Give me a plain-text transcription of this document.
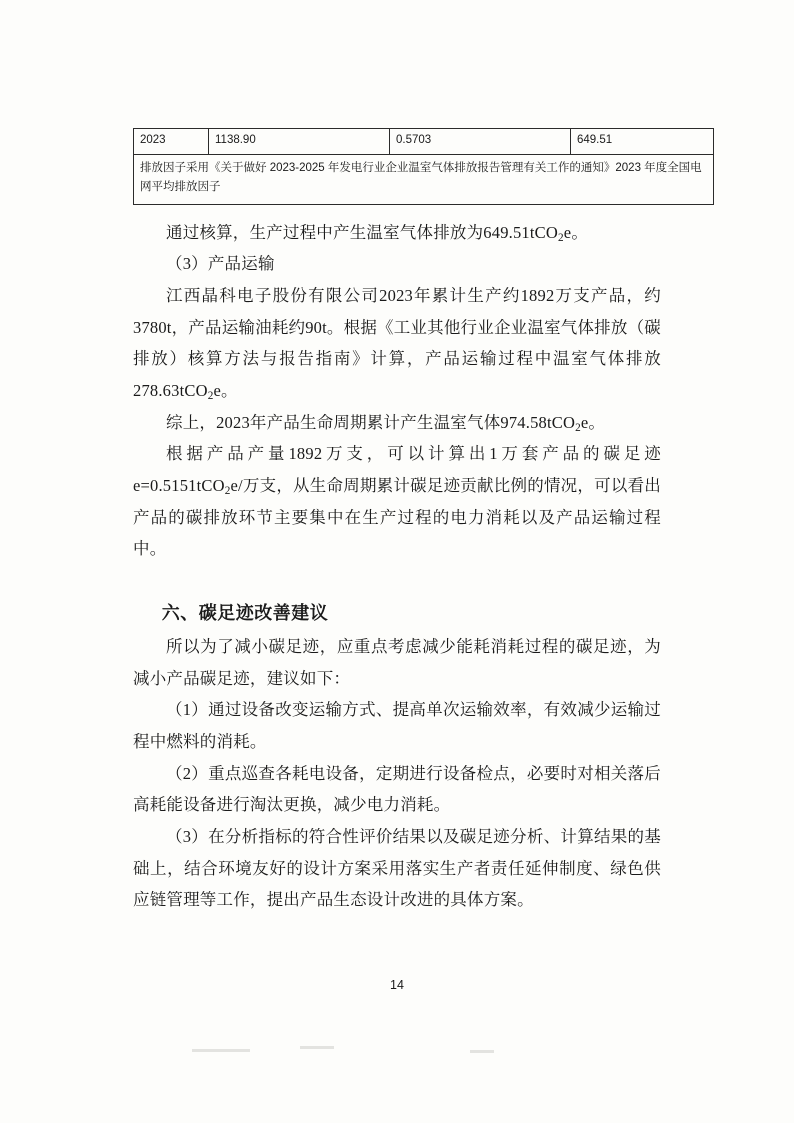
2023	1138.90	0.5703	649.51
排放因子采用《关于做好 2023-2025 年发电行业企业温室气体排放报告管理有关工作的通知》2023 年度全国电网平均排放因子

通过核算，生产过程中产生温室气体排放为649.51tCO$_2$e。

（3）产品运输

江西晶科电子股份有限公司2023年累计生产约1892万支产品，约3780t，产品运输油耗约90t。根据《工业其他行业企业温室气体排放（碳排放）核算方法与报告指南》计算，产品运输过程中温室气体排放278.63tCO$_2$e。

综上，2023年产品生命周期累计产生温室气体974.58tCO$_2$e。

根据产品产量1892万支，可以计算出1万套产品的碳足迹e=0.5151tCO$_2$e/万支，从生命周期累计碳足迹贡献比例的情况，可以看出产品的碳排放环节主要集中在生产过程的电力消耗以及产品运输过程中。

六、碳足迹改善建议

所以为了减小碳足迹，应重点考虑减少能耗消耗过程的碳足迹，为减小产品碳足迹，建议如下：

（1）通过设备改变运输方式、提高单次运输效率，有效减少运输过程中燃料的消耗。

（2）重点巡查各耗电设备，定期进行设备检点，必要时对相关落后高耗能设备进行淘汰更换，减少电力消耗。

（3）在分析指标的符合性评价结果以及碳足迹分析、计算结果的基础上，结合环境友好的设计方案采用落实生产者责任延伸制度、绿色供应链管理等工作，提出产品生态设计改进的具体方案。

14
